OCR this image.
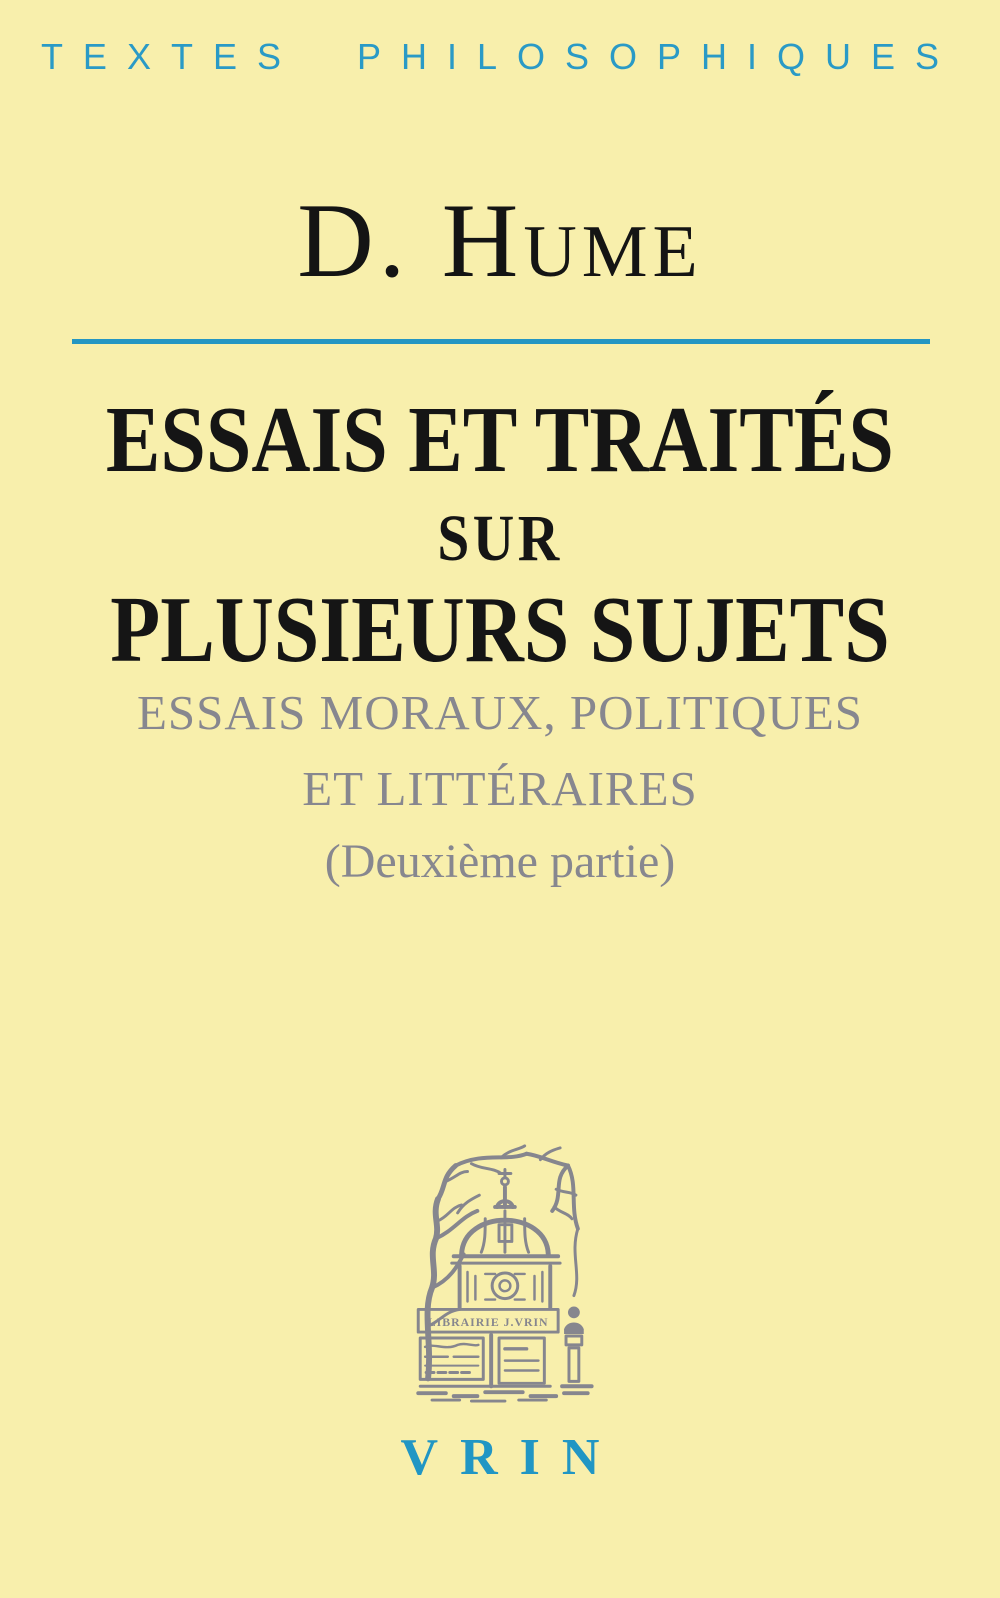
TEXTES PHILOSOPHIQUES
D. Hume
ESSAIS ET TRAITÉS
SUR
PLUSIEURS SUJETS
ESSAIS MORAUX, POLITIQUES
ET LITTÉRAIRES
(Deuxième partie)
LIBRAIRIE J.VRIN
VRIN
